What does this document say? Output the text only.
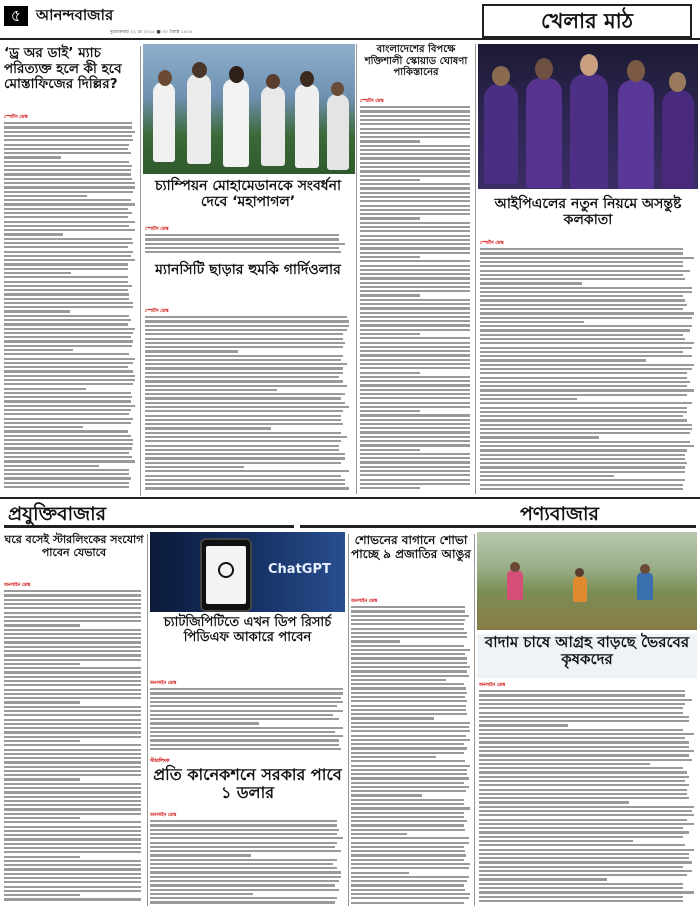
৫ আনন্দবাজার
দুরশুক্রবার ২২ মে ২০২৫ ■ ৩০ জ্যৈষ্ঠ ১৪৩২	খেলার মাঠ
‘ড্র অর ডাই’ ম্যাচ পরিত্যক্ত হলে কী হবে মোস্তাফিজের দিল্লির?
স্পোর্টস ডেস্ক
চ্যাম্পিয়ন মোহামেডানকে সংবর্ধনা দেবে ‘মহাপাগল’
স্পোর্টস ডেস্ক
ম্যানসিটি ছাড়ার হুমকি গার্দিওলার
স্পোর্টস ডেস্ক
বাংলাদেশের বিপক্ষে শক্তিশালী স্কোয়াড ঘোষণা পাকিস্তানের
স্পোর্টস ডেস্ক
আইপিএলের নতুন নিয়মে অসন্তুষ্ট কলকাতা
স্পোর্টস ডেস্ক
প্রযুক্তিবাজার	পণ্যবাজার
ঘরে বসেই স্টারলিংকের সংযোগ পাবেন যেভাবে
অনলাইন ডেস্ক
ChatGPT
চ্যাটজিপিটিতে এখন ডিপ রিসার্চ পিডিএফ আকারে পাবেন
অনলাইন ডেস্ক
স্টারলিংক
প্রতি কানেকশনে সরকার পাবে ১ ডলার
অনলাইন ডেস্ক
শোভনের বাগানে শোভা পাচ্ছে ৯ প্রজাতির আঙুর
অনলাইন ডেস্ক
বাদাম চাষে আগ্রহ বাড়ছে ভৈরবের কৃষকদের
অনলাইন ডেস্ক
